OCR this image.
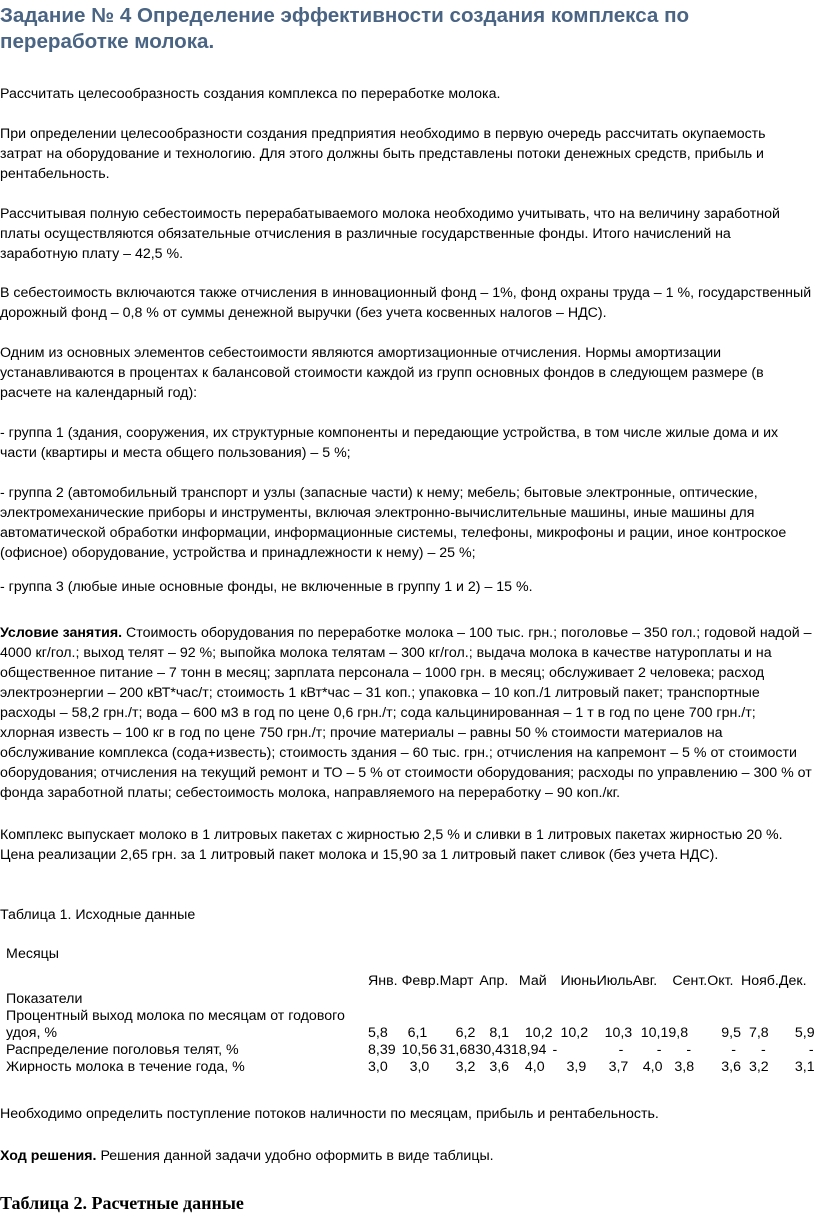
Задание № 4 Определение эффективности создания комплекса по переработке молока.
Рассчитать целесообразность создания комплекса по переработке молока.
При определении целесообразности создания предприятия необходимо в первую очередь рассчитать окупаемость затрат на оборудование и технологию. Для этого должны быть представлены потоки денежных средств, прибыль и рентабельность.
Рассчитывая полную себестоимость перерабатываемого молока необходимо учитывать, что на величину заработной платы осуществляются обязательные отчисления в различные государственные фонды. Итого начислений на заработную плату – 42,5 %.
В себестоимость включаются также отчисления в инновационный фонд – 1%, фонд охраны труда – 1 %, государственный дорожный фонд – 0,8 % от суммы денежной выручки (без учета косвенных налогов – НДС).
Одним из основных элементов себестоимости являются амортизационные отчисления. Нормы амортизации устанавливаются в процентах к балансовой стоимости каждой из групп основных фондов в следующем размере (в расчете на календарный год):
- группа 1 (здания, сооружения, их структурные компоненты и передающие устройства, в том числе жилые дома и их части (квартиры и места общего пользования) – 5 %;
- группа 2 (автомобильный транспорт и узлы (запасные части) к нему; мебель; бытовые электронные, оптические, электромеханические приборы и инструменты, включая электронно-вычислительные машины, иные машины для автоматической обработки информации, информационные системы, телефоны, микрофоны и рации, иное контроское (офисное) оборудование, устройства и принадлежности к нему) – 25 %;
- группа 3 (любые иные основные фонды, не включенные в группу 1 и 2) – 15 %.
Условие занятия. Стоимость оборудования по переработке молока – 100 тыс. грн.; поголовье – 350 гол.; годовой надой – 4000 кг/гол.; выход телят – 92 %; выпойка молока телятам – 300 кг/гол.; выдача молока в качестве натуроплаты и на общественное питание – 7 тонн в месяц; зарплата персонала – 1000 грн. в месяц; обслуживает 2 человека; расход электроэнергии – 200 кВТ*час/т; стоимость 1 кВт*час – 31 коп.; упаковка – 10 коп./1 литровый пакет; транспортные расходы – 58,2 грн./т; вода – 600 м3 в год по цене 0,6 грн./т; сода кальцинированная – 1 т в год по цене 700 грн./т; хлорная известь – 100 кг в год по цене 750 грн./т; прочие материалы – равны 50 % стоимости материалов на обслуживание комплекса (сода+известь); стоимость здания – 60 тыс. грн.; отчисления на капремонт – 5 % от стоимости оборудования; отчисления на текущий ремонт и ТО – 5 % от стоимости оборудования; расходы по управлению – 300 % от фонда заработной платы; себестоимость молока, направляемого на переработку – 90 коп./кг.
Комплекс выпускает молоко в 1 литровых пакетах с жирностью 2,5 % и сливки в 1 литровых пакетах жирностью 20 %. Цена реализации 2,65 грн. за 1 литровый пакет молока и 15,90 за 1 литровый пакет сливок (без учета НДС).
Таблица 1. Исходные данные
Месяцы	Янв.	Февр.	Март	Апр.	Май	Июнь	Июль	Авг.	Сент.	Окт.	Нояб.	Дек.
Показатели												
Процентный выход молока по месяцам от годового удоя, %	5,8	6,1	6,2	8,1	10,2	10,2	10,3	10,1	9,8	9,5	7,8	5,9
Распределение поголовья телят, %	8,39	10,56	31,68	30,43	18,94	-	-	-	-	-	-	-
Жирность молока в течение года, %	3,0	3,0	3,2	3,6	4,0	3,9	3,7	4,0	3,8	3,6	3,2	3,1
Необходимо определить поступление потоков наличности по месяцам, прибыль и рентабельность.
Ход решения. Решения данной задачи удобно оформить в виде таблицы.
Таблица 2. Расчетные данные
